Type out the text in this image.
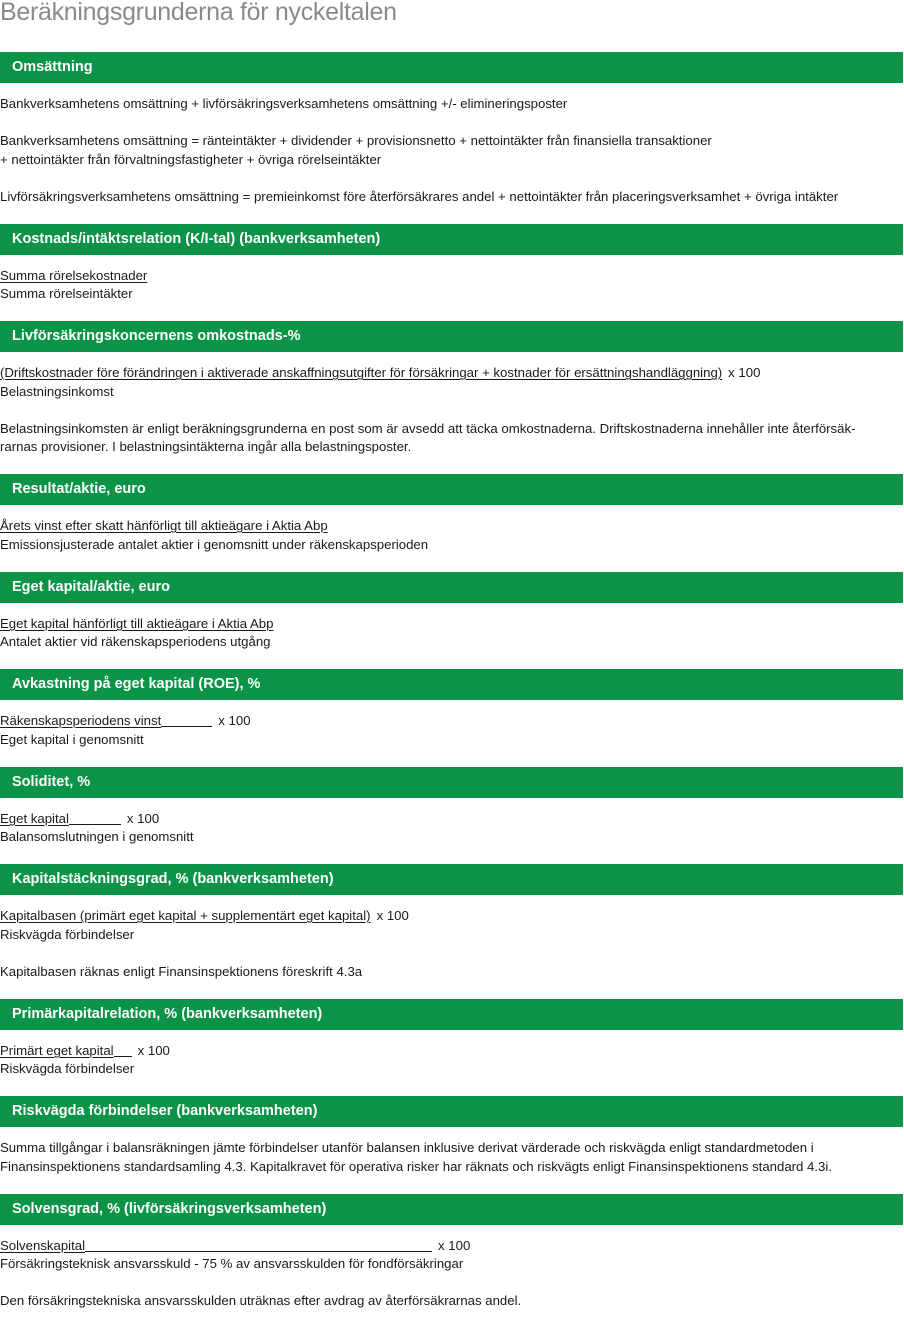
Beräkningsgrunderna för nyckeltalen
Omsättning
Bankverksamhetens omsättning + livförsäkringsverksamhetens omsättning +/- elimineringsposter
Bankverksamhetens omsättning = ränteintäkter + dividender + provisionsnetto + nettointäkter från finansiella transaktioner
+ nettointäkter från förvaltningsfastigheter + övriga rörelseintäkter
Livförsäkringsverksamhetens omsättning = premieinkomst före återförsäkrares andel + nettointäkter från placeringsverksamhet + övriga intäkter
Kostnads/intäktsrelation (K/I-tal) (bankverksamheten)
Summa rörelsekostnader
Summa rörelseintäkter
Livförsäkringskoncernens omkostnads-%
(Driftskostnader före förändringen i aktiverade anskaffningsutgifter för försäkringar + kostnader för ersättningshandläggning) x 100
Belastningsinkomst
Belastningsinkomsten är enligt beräkningsgrunderna en post som är avsedd att täcka omkostnaderna. Driftskostnaderna innehåller inte återförsäk-
rarnas provisioner. I belastningsintäkterna ingår alla belastningsposter.
Resultat/aktie, euro
Årets vinst efter skatt hänförligt till aktieägare i Aktia Abp
Emissionsjusterade antalet aktier i genomsnitt under räkenskapsperioden
Eget kapital/aktie, euro
Eget kapital hänförligt till aktieägare i Aktia Abp
Antalet aktier vid räkenskapsperiodens utgång
Avkastning på eget kapital (ROE), %
Räkenskapsperiodens vinst	x 100
Eget kapital i genomsnitt
Soliditet, %
Eget kapital	x 100
Balansomslutningen i genomsnitt
Kapitalstäckningsgrad, % (bankverksamheten)
Kapitalbasen (primärt eget kapital + supplementärt eget kapital) x 100
Riskvägda förbindelser
Kapitalbasen räknas enligt Finansinspektionens föreskrift 4.3a
Primärkapitalrelation, % (bankverksamheten)
Primärt eget kapital x 100
Riskvägda förbindelser
Riskvägda förbindelser (bankverksamheten)
Summa tillgångar i balansräkningen jämte förbindelser utanför balansen inklusive derivat värderade och riskvägda enligt standardmetoden i
Finansinspektionens standardsamling 4.3. Kapitalkravet för operativa risker har räknats och riskvägts enligt Finansinspektionens standard 4.3i.
Solvensgrad, % (livförsäkringsverksamheten)
Solvenskapital	x 100
Försäkringsteknisk ansvarsskuld - 75 % av ansvarsskulden för fondförsäkringar
Den försäkringstekniska ansvarsskulden uträknas efter avdrag av återförsäkrarnas andel.
